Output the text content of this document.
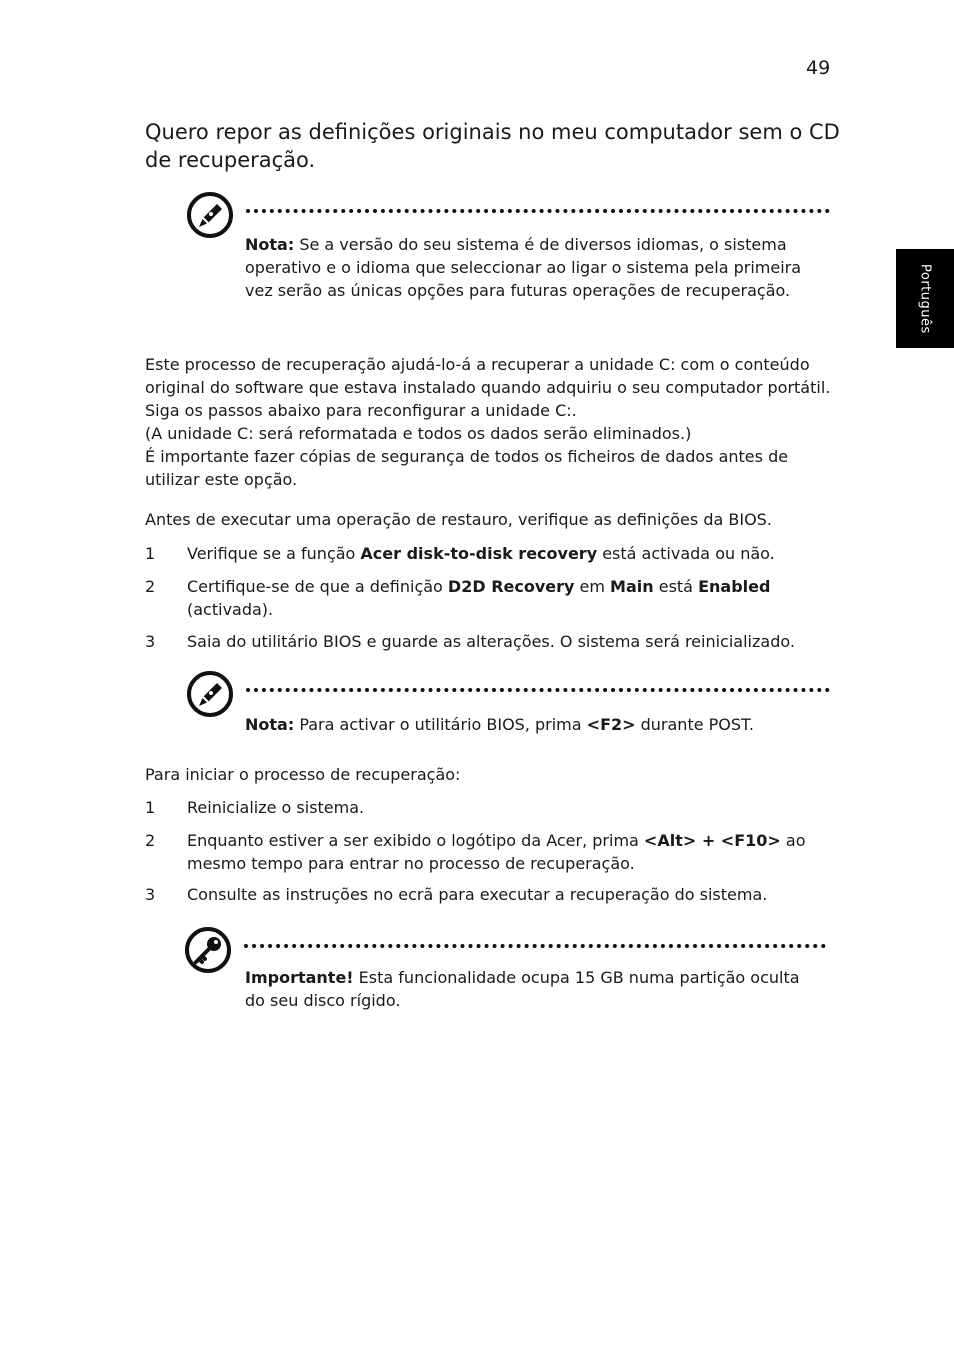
49
Português
Quero repor as definições originais no meu computador sem o CD de recuperação.

Nota: Se a versão do seu sistema é de diversos idiomas, o sistema operativo e o idioma que seleccionar ao ligar o sistema pela primeira vez serão as únicas opções para futuras operações de recuperação.

Este processo de recuperação ajudá-lo-á a recuperar a unidade C: com o conteúdo original do software que estava instalado quando adquiriu o seu computador portátil. Siga os passos abaixo para reconfigurar a unidade C:.
(A unidade C: será reformatada e todos os dados serão eliminados.)
É importante fazer cópias de segurança de todos os ficheiros de dados antes de utilizar este opção.

Antes de executar uma operação de restauro, verifique as definições da BIOS.

1 Verifique se a função Acer disk-to-disk recovery está activada ou não.

2 Certifique-se de que a definição D2D Recovery em Main está Enabled (activada).

3 Saia do utilitário BIOS e guarde as alterações. O sistema será reinicializado.

Nota: Para activar o utilitário BIOS, prima <F2> durante POST.

Para iniciar o processo de recuperação:

1 Reinicialize o sistema.

2 Enquanto estiver a ser exibido o logótipo da Acer, prima <Alt> + <F10> ao mesmo tempo para entrar no processo de recuperação.

3 Consulte as instruções no ecrã para executar a recuperação do sistema.

Importante! Esta funcionalidade ocupa 15 GB numa partição oculta do seu disco rígido.
